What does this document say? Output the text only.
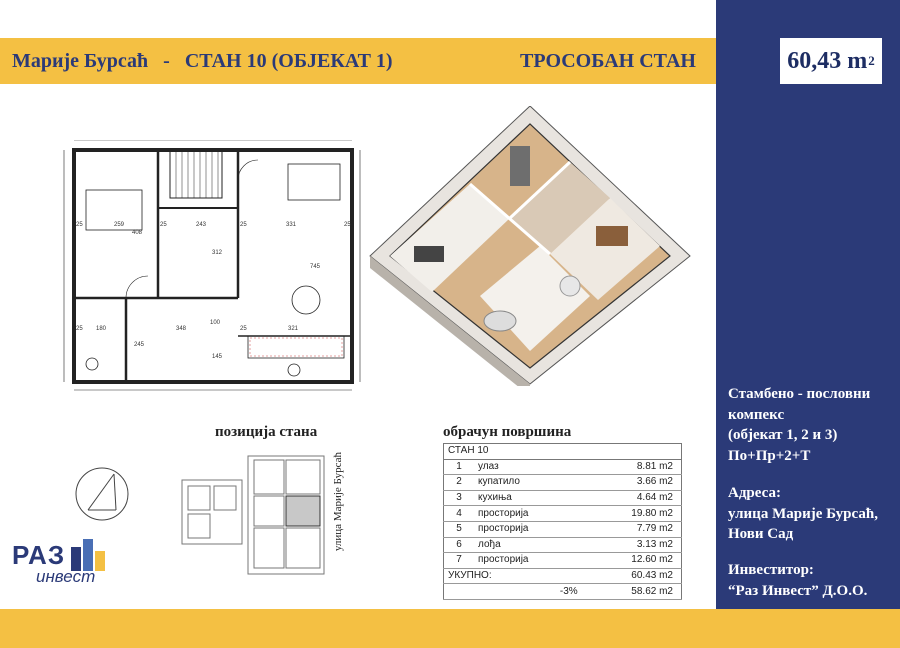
Марије Бурсаћ   -   СТАН 10 (ОБЈЕКАТ 1)	ТРОСОБАН СТАН	60,43 m 2
Стамбено - пословни
компекс
(објекат 1, 2 и 3)
По+Пр+2+Т
Адреса:
улица Марије Бурсаћ,
Нови Сад
Инвеститор:
“Раз Инвест” Д.О.О.
259
408
243	331
312
745
180	348
100
321
245
145
25
25
25	25
25
25
позиција стана
улица Марије Бурсаћ
обрачун површина
СТАН 10		
1	улаз	8.81 m2
2	купатило	3.66 m2
3	кухиња	4.64 m2
4	просторија	19.80 m2
5	просторија	7.79 m2
6	лођа	3.13 m2
7	просторија	12.60 m2
УКУПНО:		60.43 m2
-3%		58.62 m2
РАЗ
инвест
